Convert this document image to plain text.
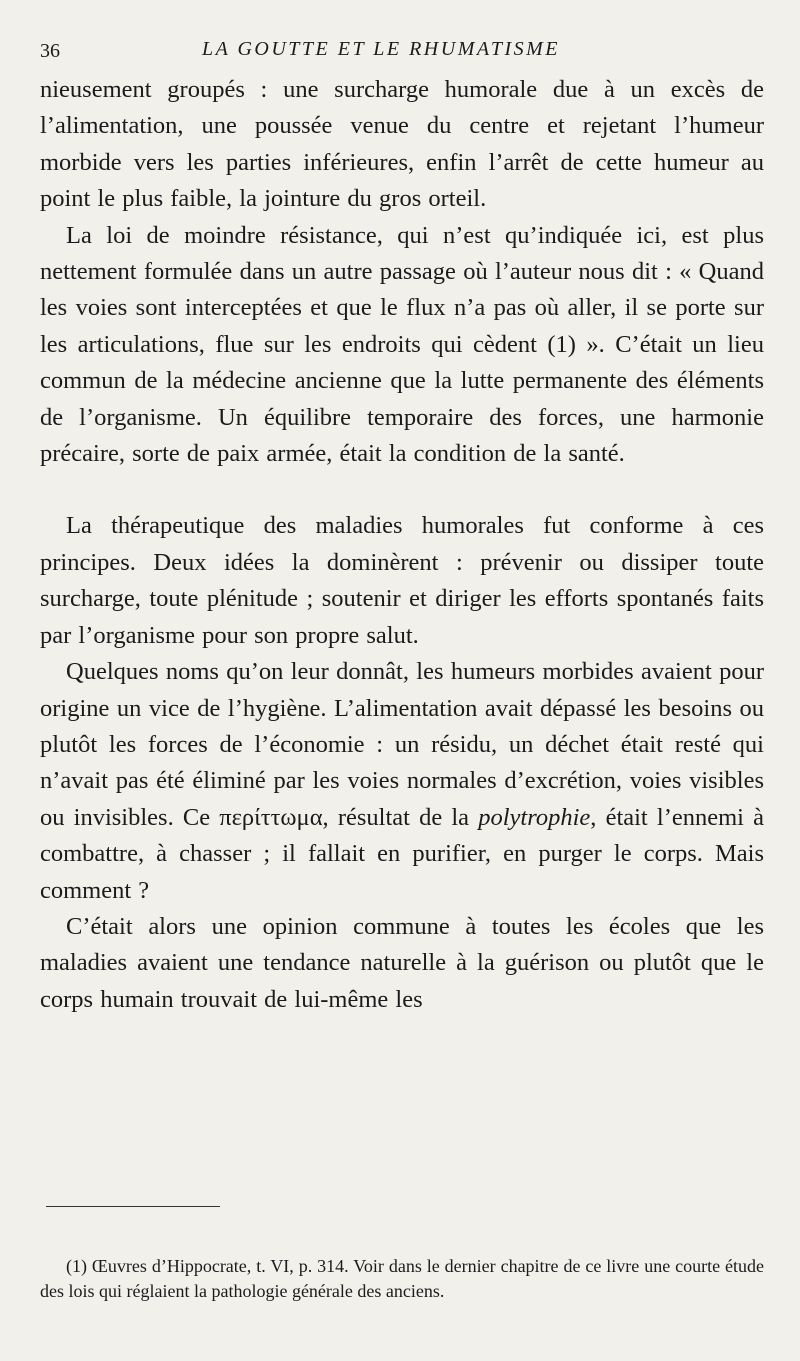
36	LA GOUTTE ET LE RHUMATISME

nieusement groupés : une surcharge humorale due à un excès de l’alimentation, une poussée venue du centre et rejetant l’humeur morbide vers les parties inférieures, enfin l’arrêt de cette humeur au point le plus faible, la jointure du gros orteil.

La loi de moindre résistance, qui n’est qu’indiquée ici, est plus nettement formulée dans un autre passage où l’auteur nous dit : « Quand les voies sont interceptées et que le flux n’a pas où aller, il se porte sur les articulations, flue sur les endroits qui cèdent (1) ». C’était un lieu commun de la médecine ancienne que la lutte permanente des éléments de l’organisme. Un équilibre temporaire des forces, une harmonie précaire, sorte de paix armée, était la condition de la santé.

La thérapeutique des maladies humorales fut conforme à ces principes. Deux idées la dominèrent : prévenir ou dissiper toute surcharge, toute plénitude ; soutenir et diriger les efforts spontanés faits par l’organisme pour son propre salut.

Quelques noms qu’on leur donnât, les humeurs morbides avaient pour origine un vice de l’hygiène. L’alimentation avait dépassé les besoins ou plutôt les forces de l’économie : un résidu, un déchet était resté qui n’avait pas été éliminé par les voies normales d’excrétion, voies visibles ou invisibles. Ce περίττωμα, résultat de la polytrophie, était l’ennemi à combattre, à chasser ; il fallait en purifier, en purger le corps. Mais comment ?

C’était alors une opinion commune à toutes les écoles que les maladies avaient une tendance naturelle à la guérison ou plutôt que le corps humain trouvait de lui-même les

(1) Œuvres d’Hippocrate, t. VI, p. 314. Voir dans le dernier chapitre de ce livre une courte étude des lois qui réglaient la pathologie générale des anciens.
